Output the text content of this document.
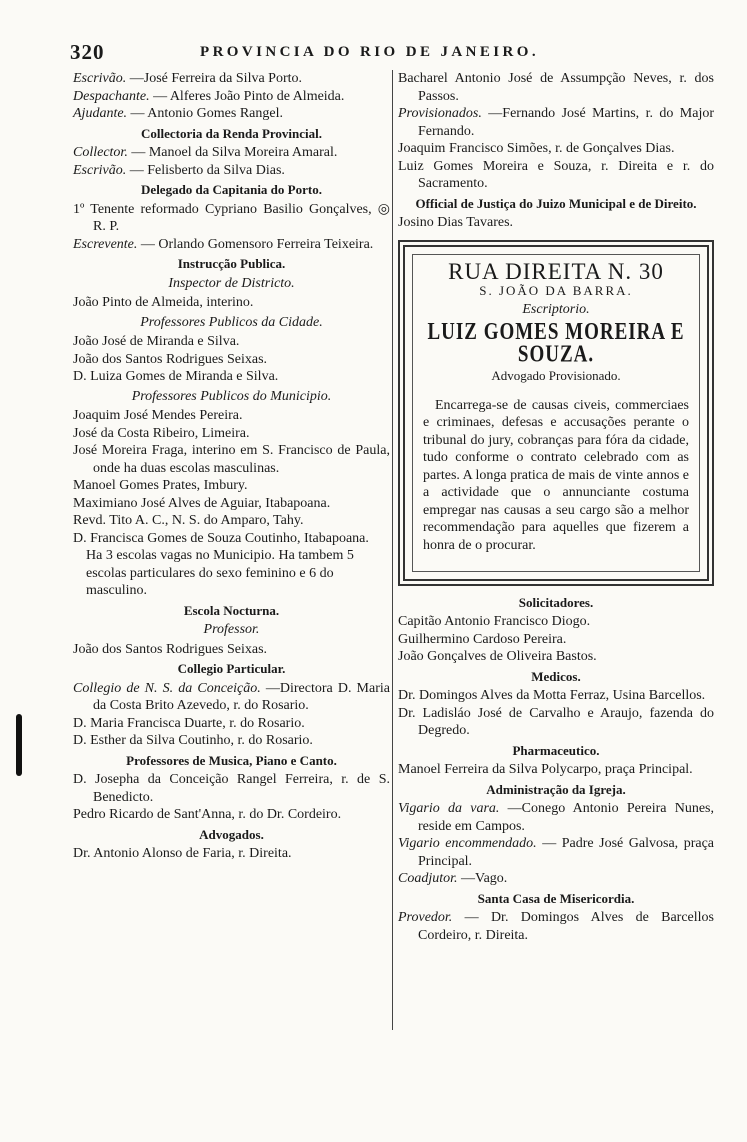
320	PROVINCIA DO RIO DE JANEIRO.

Escrivão. —José Ferreira da Silva Porto.

Despachante. — Alferes João Pinto de Almeida.

Ajudante. — Antonio Gomes Rangel.

Collectoria da Renda Provincial.

Collector. — Manoel da Silva Moreira Amaral.

Escrivão. — Felisberto da Silva Dias.

Delegado da Capitania do Porto.

1º Tenente reformado Cypriano Basilio Gonçalves, ◎ R. P.

Escrevente. — Orlando Gomensoro Ferreira Teixeira.

Instrucção Publica.

Inspector de Districto.

João Pinto de Almeida, interino.

Professores Publicos da Cidade.

João José de Miranda e Silva.

João dos Santos Rodrigues Seixas.

D. Luiza Gomes de Miranda e Silva.

Professores Publicos do Municipio.

Joaquim José Mendes Pereira.

José da Costa Ribeiro, Limeira.

José Moreira Fraga, interino em S. Francisco de Paula, onde ha duas escolas masculinas.

Manoel Gomes Prates, Imbury.

Maximiano José Alves de Aguiar, Itabapoana.

Revd. Tito A. C., N. S. do Amparo, Tahy.

D. Francisca Gomes de Souza Coutinho, Itabapoana.

Ha 3 escolas vagas no Municipio. Ha tambem 5 escolas particulares do sexo feminino e 6 do masculino.

Escola Nocturna.

Professor.

João dos Santos Rodrigues Seixas.

Collegio Particular.

Collegio de N. S. da Conceição. —Directora D. Maria da Costa Brito Azevedo, r. do Rosario.

D. Maria Francisca Duarte, r. do Rosario.

D. Esther da Silva Coutinho, r. do Rosario.

Professores de Musica, Piano e Canto.

D. Josepha da Conceição Rangel Ferreira, r. de S. Benedicto.

Pedro Ricardo de Sant'Anna, r. do Dr. Cordeiro.

Advogados.

Dr. Antonio Alonso de Faria, r. Direita.

Bacharel Antonio José de Assumpção Neves, r. dos Passos.

Provisionados. —Fernando José Martins, r. do Major Fernando.

Joaquim Francisco Simões, r. de Gonçalves Dias.

Luiz Gomes Moreira e Souza, r. Direita e r. do Sacramento.

Official de Justiça do Juizo Municipal e de Direito.

Josino Dias Tavares.

RUA DIREITA N. 30
S. JOÃO DA BARRA.
Escriptorio.
LUIZ GOMES MOREIRA E SOUZA.
Advogado Provisionado.

Encarrega-se de causas civeis, commerciaes e criminaes, defesas e accusações perante o tribunal do jury, cobranças para fóra da cidade, tudo conforme o contrato celebrado com as partes. A longa pratica de mais de vinte annos e a actividade que o annunciante costuma empregar nas causas a seu cargo são a melhor recommendação para aquelles que fizerem a honra de o procurar.

Solicitadores.

Capitão Antonio Francisco Diogo.

Guilhermino Cardoso Pereira.

João Gonçalves de Oliveira Bastos.

Medicos.

Dr. Domingos Alves da Motta Ferraz, Usina Barcellos.

Dr. Ladisláo José de Carvalho e Araujo, fazenda do Degredo.

Pharmaceutico.

Manoel Ferreira da Silva Polycarpo, praça Principal.

Administração da Igreja.

Vigario da vara. —Conego Antonio Pereira Nunes, reside em Campos.

Vigario encommendado. — Padre José Galvosa, praça Principal.

Coadjutor. —Vago.

Santa Casa de Misericordia.

Provedor. — Dr. Domingos Alves de Barcellos Cordeiro, r. Direita.
